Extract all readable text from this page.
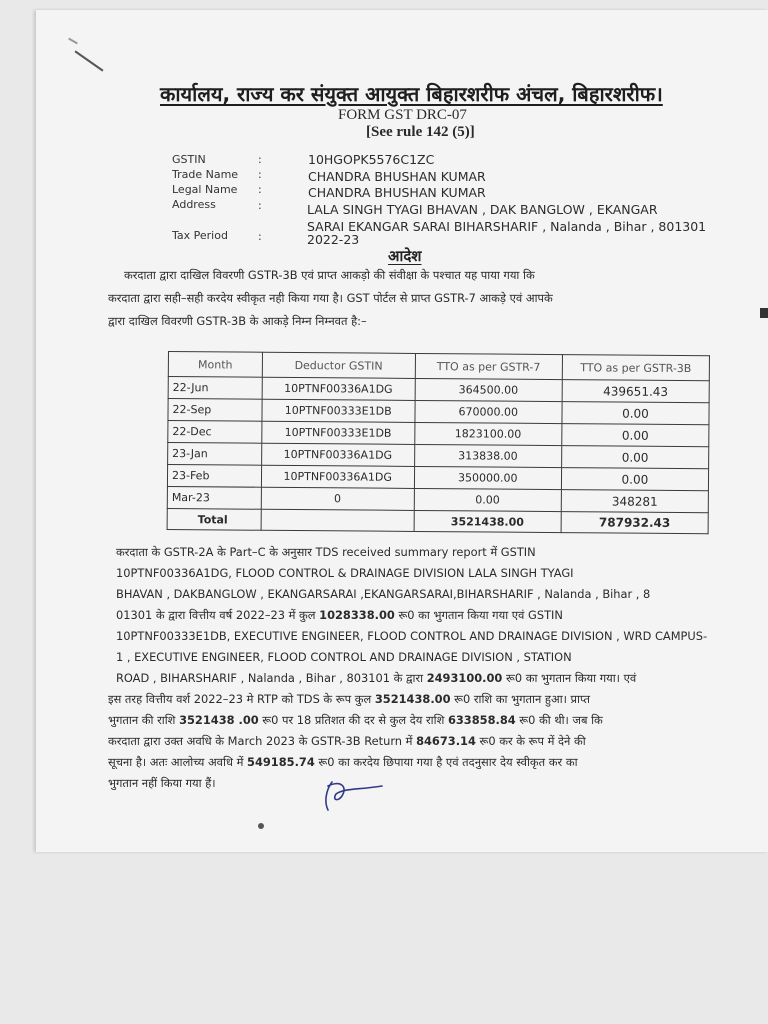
कार्यालय, राज्य कर संयुक्त आयुक्त बिहारशरीफ अंचल, बिहारशरीफ।
FORM GST DRC-07
[See rule 142 (5)]
GSTIN	:	10HGOPK5576C1ZC
Trade Name :	CHANDRA BHUSHAN KUMAR
Legal Name :	CHANDRA BHUSHAN KUMAR
Address	:	LALA SINGH TYAGI BHAVAN , DAK BANGLOW , EKANGAR
SARAI EKANGAR SARAI BIHARSHARIF , Nalanda , Bihar , 801301
Tax Period	:	2022-23
आदेश
करदाता द्वारा दाखिल विवरणी GSTR-3B एवं प्राप्त आकड़ो की संवीक्षा के पश्चात यह पाया गया कि
करदाता द्वारा सही–सही करदेय स्वीकृत नही किया गया है। GST पोर्टल से प्राप्त GSTR-7 आकड़े एवं आपके
द्वारा दाखिल विवरणी GSTR-3B के आकड़े निम्न निम्नवत है:–
Month	Deductor GSTIN	TTO as per GSTR-7	TTO as per GSTR-3B
22-Jun	10PTNF00336A1DG	364500.00	439651.43
22-Sep	10PTNF00333E1DB	670000.00	0.00
22-Dec	10PTNF00333E1DB	1823100.00	0.00
23-Jan	10PTNF00336A1DG	313838.00	0.00
23-Feb	10PTNF00336A1DG	350000.00	0.00
Mar-23	0	0.00	348281
Total		3521438.00	787932.43
करदाता के GSTR-2A के Part–C के अनुसार TDS received summary report में GSTIN
10PTNF00336A1DG, FLOOD CONTROL & DRAINAGE DIVISION LALA SINGH TYAGI
BHAVAN , DAKBANGLOW , EKANGARSARAI ,EKANGARSARAI,BIHARSHARIF , Nalanda , Bihar , 8
01301 के द्वारा वित्तीय वर्ष 2022–23 में कुल 1028338.00 रू0 का भुगतान किया गया एवं GSTIN
10PTNF00333E1DB, EXECUTIVE ENGINEER, FLOOD CONTROL AND DRAINAGE DIVISION , WRD CAMPUS-
1 , EXECUTIVE ENGINEER, FLOOD CONTROL AND DRAINAGE DIVISION , STATION
ROAD , BIHARSHARIF , Nalanda , Bihar , 803101 के द्वारा 2493100.00 रू0 का भुगतान किया गया। एवं
इस तरह वित्तीय वर्श 2022–23 मे RTP को TDS के रूप कुल 3521438.00 रू0 राशि का भुगतान हुआ। प्राप्त
भुगतान की राशि 3521438 .00 रू0 पर 18 प्रतिशत की दर से कुल देय राशि 633858.84 रू0 की थी। जब कि
करदाता द्वारा उक्त अवधि के March 2023 के GSTR-3B Return में 84673.14 रू0 कर के रूप में देने की
सूचना है। अतः आलोच्य अवधि में 549185.74 रू0 का करदेय छिपाया गया है एवं तदनुसार देय स्वीकृत कर का
भुगतान नहीं किया गया हैं।
